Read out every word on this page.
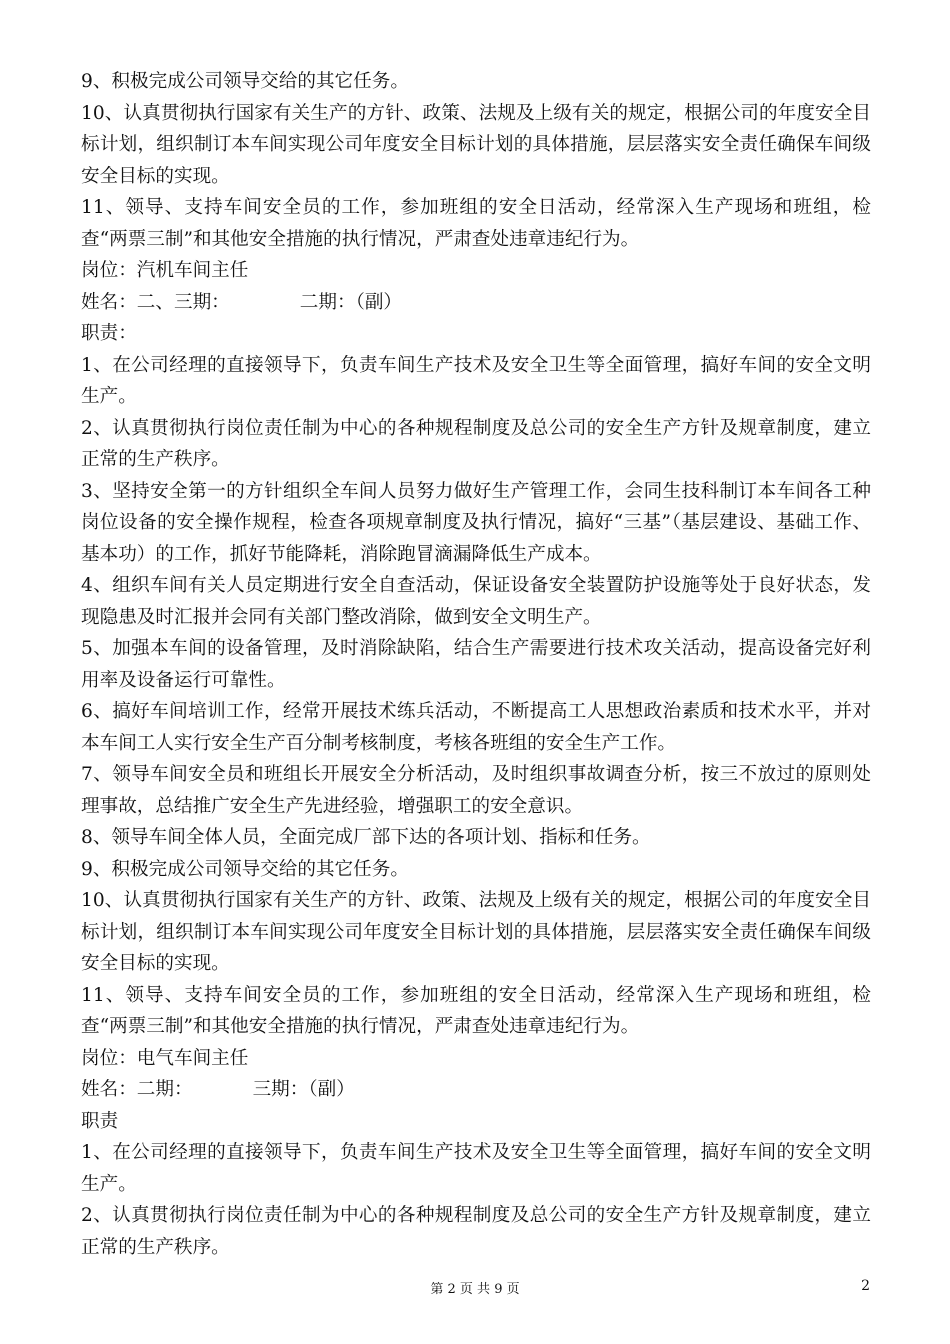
9、积极完成公司领导交给的其它任务。

10、认真贯彻执行国家有关生产的方针、政策、法规及上级有关的规定，根据公司的年度安全目标计划，组织制订本车间实现公司年度安全目标计划的具体措施，层层落实安全责任确保车间级安全目标的实现。

11、领导、支持车间安全员的工作，参加班组的安全日活动，经常深入生产现场和班组，检查“两票三制”和其他安全措施的执行情况，严肃查处违章违纪行为。

岗位：汽机车间主任

姓名：二、三期：	二期：（副）

职责：

1、在公司经理的直接领导下，负责车间生产技术及安全卫生等全面管理，搞好车间的安全文明生产。

2、认真贯彻执行岗位责任制为中心的各种规程制度及总公司的安全生产方针及规章制度，建立正常的生产秩序。

3、坚持安全第一的方针组织全车间人员努力做好生产管理工作，会同生技科制订本车间各工种岗位设备的安全操作规程，检查各项规章制度及执行情况，搞好“三基”（基层建设、基础工作、基本功）的工作，抓好节能降耗，消除跑冒滴漏降低生产成本。

4、组织车间有关人员定期进行安全自查活动，保证设备安全装置防护设施等处于良好状态，发现隐患及时汇报并会同有关部门整改消除，做到安全文明生产。

5、加强本车间的设备管理，及时消除缺陷，结合生产需要进行技术攻关活动，提高设备完好利用率及设备运行可靠性。

6、搞好车间培训工作，经常开展技术练兵活动，不断提高工人思想政治素质和技术水平，并对本车间工人实行安全生产百分制考核制度，考核各班组的安全生产工作。

7、领导车间安全员和班组长开展安全分析活动，及时组织事故调查分析，按三不放过的原则处理事故，总结推广安全生产先进经验，增强职工的安全意识。

8、领导车间全体人员，全面完成厂部下达的各项计划、指标和任务。

9、积极完成公司领导交给的其它任务。

10、认真贯彻执行国家有关生产的方针、政策、法规及上级有关的规定，根据公司的年度安全目标计划，组织制订本车间实现公司年度安全目标计划的具体措施，层层落实安全责任确保车间级安全目标的实现。

11、领导、支持车间安全员的工作，参加班组的安全日活动，经常深入生产现场和班组，检查“两票三制”和其他安全措施的执行情况，严肃查处违章违纪行为。

岗位：电气车间主任

姓名：二期：	三期：（副）

职责

1、在公司经理的直接领导下，负责车间生产技术及安全卫生等全面管理，搞好车间的安全文明生产。

2、认真贯彻执行岗位责任制为中心的各种规程制度及总公司的安全生产方针及规章制度，建立正常的生产秩序。

第 2 页 共 9 页	2
